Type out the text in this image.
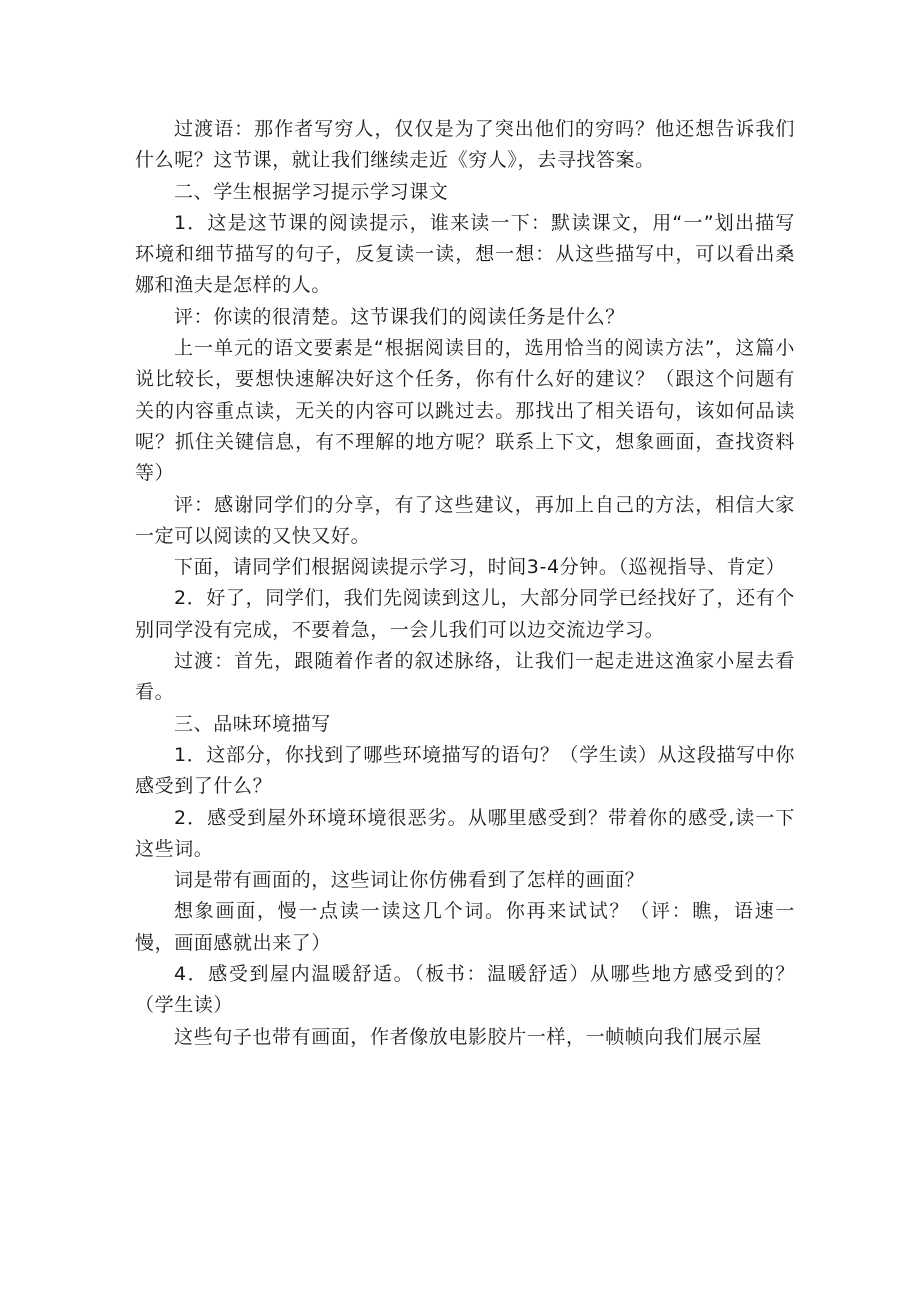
过渡语：那作者写穷人，仅仅是为了突出他们的穷吗？他还想告诉我们什么呢？这节课，就让我们继续走近《穷人》，去寻找答案。

二、学生根据学习提示学习课文

1．这是这节课的阅读提示，谁来读一下：默读课文，用“一”划出描写环境和细节描写的句子，反复读一读，想一想：从这些描写中，可以看出桑娜和渔夫是怎样的人。

评：你读的很清楚。这节课我们的阅读任务是什么？

上一单元的语文要素是“根据阅读目的，选用恰当的阅读方法”，这篇小说比较长，要想快速解决好这个任务，你有什么好的建议？（跟这个问题有关的内容重点读，无关的内容可以跳过去。那找出了相关语句，该如何品读呢？抓住关键信息，有不理解的地方呢？联系上下文，想象画面，查找资料等）

评：感谢同学们的分享，有了这些建议，再加上自己的方法，相信大家一定可以阅读的又快又好。

下面，请同学们根据阅读提示学习，时间3-4分钟。（巡视指导、肯定）

2．好了，同学们，我们先阅读到这儿，大部分同学已经找好了，还有个别同学没有完成，不要着急，一会儿我们可以边交流边学习。

过渡：首先，跟随着作者的叙述脉络，让我们一起走进这渔家小屋去看看。

三、品味环境描写

1．这部分，你找到了哪些环境描写的语句？（学生读）从这段描写中你感受到了什么？

2．感受到屋外环境环境很恶劣。从哪里感受到？带着你的感受,读一下这些词。

词是带有画面的，这些词让你仿佛看到了怎样的画面？

想象画面，慢一点读一读这几个词。你再来试试？（评：瞧，语速一慢，画面感就出来了）

4．感受到屋内温暖舒适。（板书：温暖舒适）从哪些地方感受到的？（学生读）

这些句子也带有画面，作者像放电影胶片一样，一帧帧向我们展示屋
